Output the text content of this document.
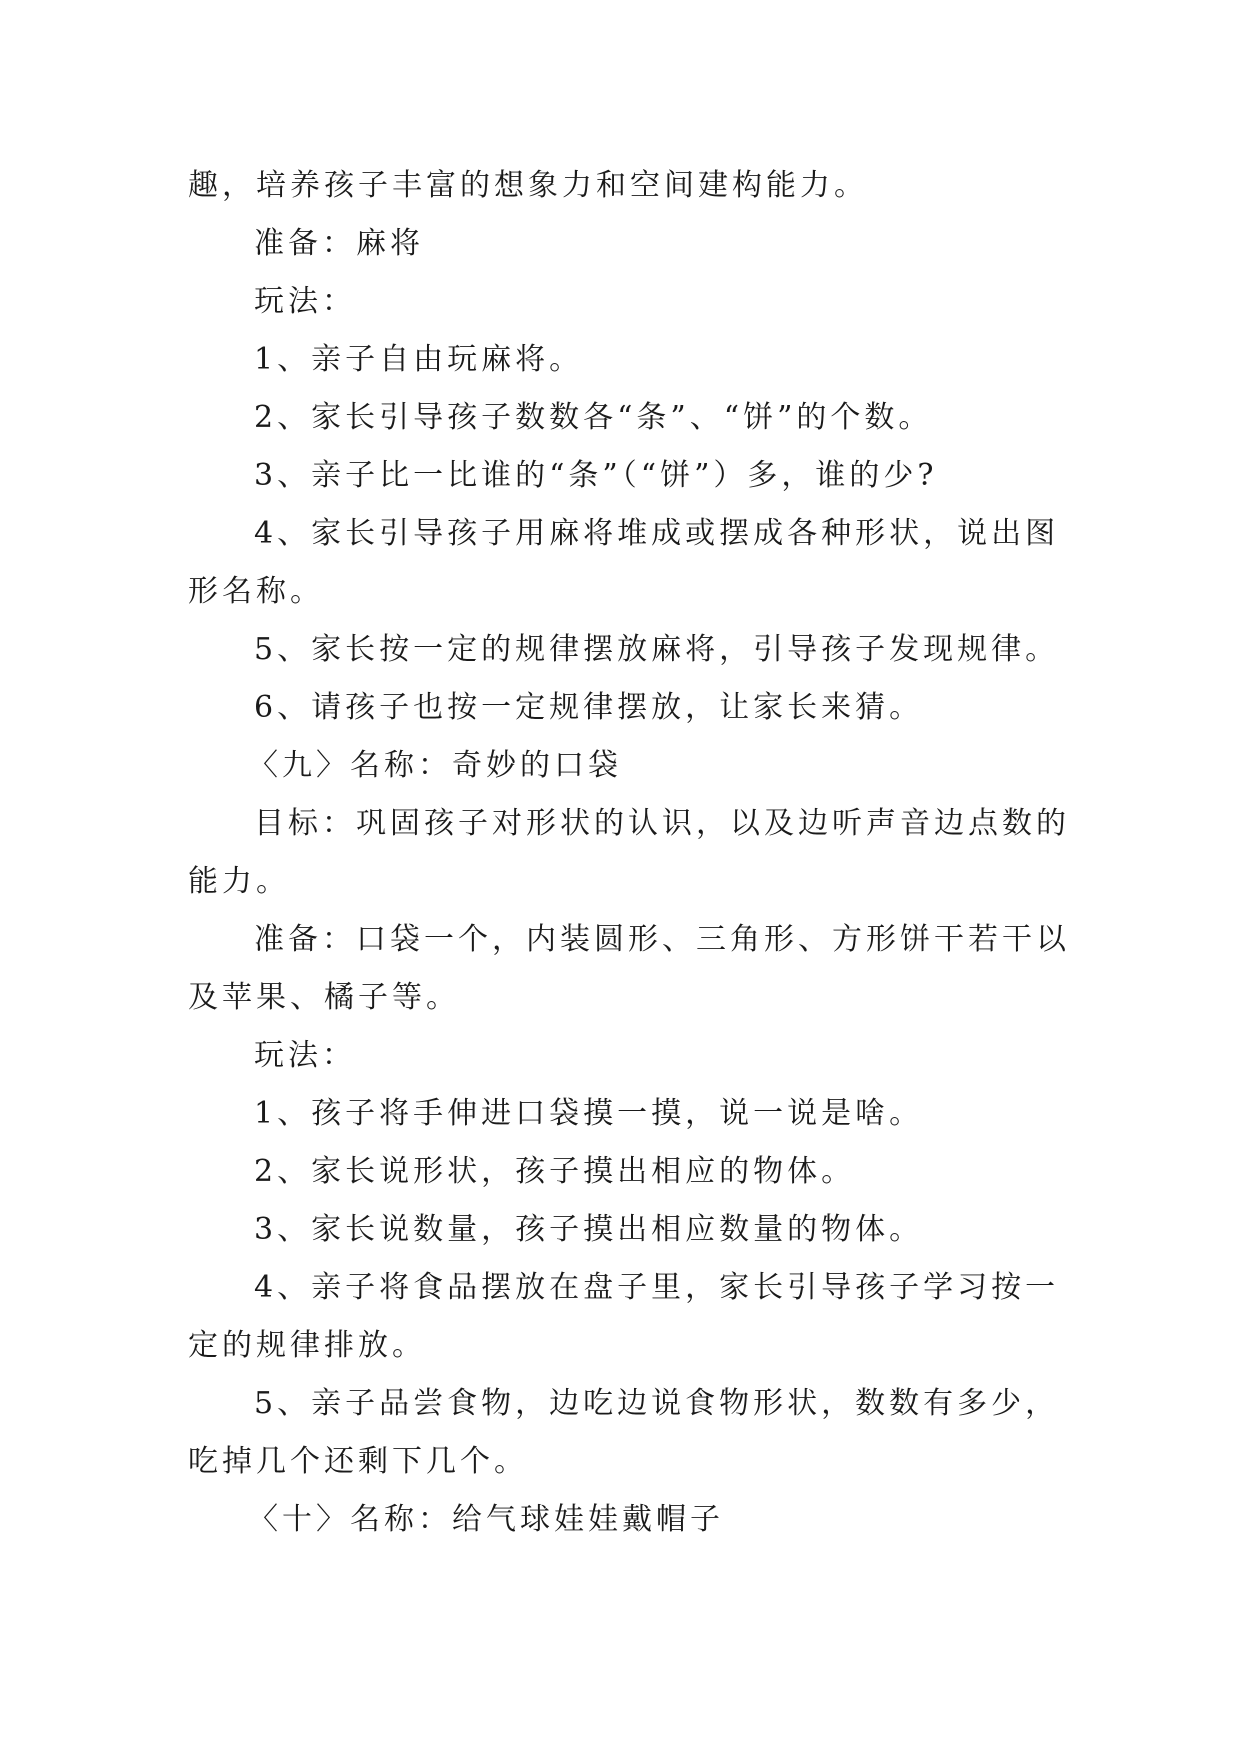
趣，培养孩子丰富的想象力和空间建构能力。
准备：麻将
玩法：
1、亲子自由玩麻将。
2、家长引导孩子数数各“条”、“饼”的个数。
3、亲子比一比谁的“条”（“饼”）多，谁的少?
4、家长引导孩子用麻将堆成或摆成各种形状，说出图
形名称。
5、家长按一定的规律摆放麻将，引导孩子发现规律。
6、请孩子也按一定规律摆放，让家长来猜。
〈九〉名称：奇妙的口袋
目标：巩固孩子对形状的认识，以及边听声音边点数的
能力。
准备：口袋一个，内装圆形、三角形、方形饼干若干以
及苹果、橘子等。
玩法：
1、孩子将手伸进口袋摸一摸，说一说是啥。
2、家长说形状，孩子摸出相应的物体。
3、家长说数量，孩子摸出相应数量的物体。
4、亲子将食品摆放在盘子里，家长引导孩子学习按一
定的规律排放。
5、亲子品尝食物，边吃边说食物形状，数数有多少，
吃掉几个还剩下几个。
〈十〉名称：给气球娃娃戴帽子
